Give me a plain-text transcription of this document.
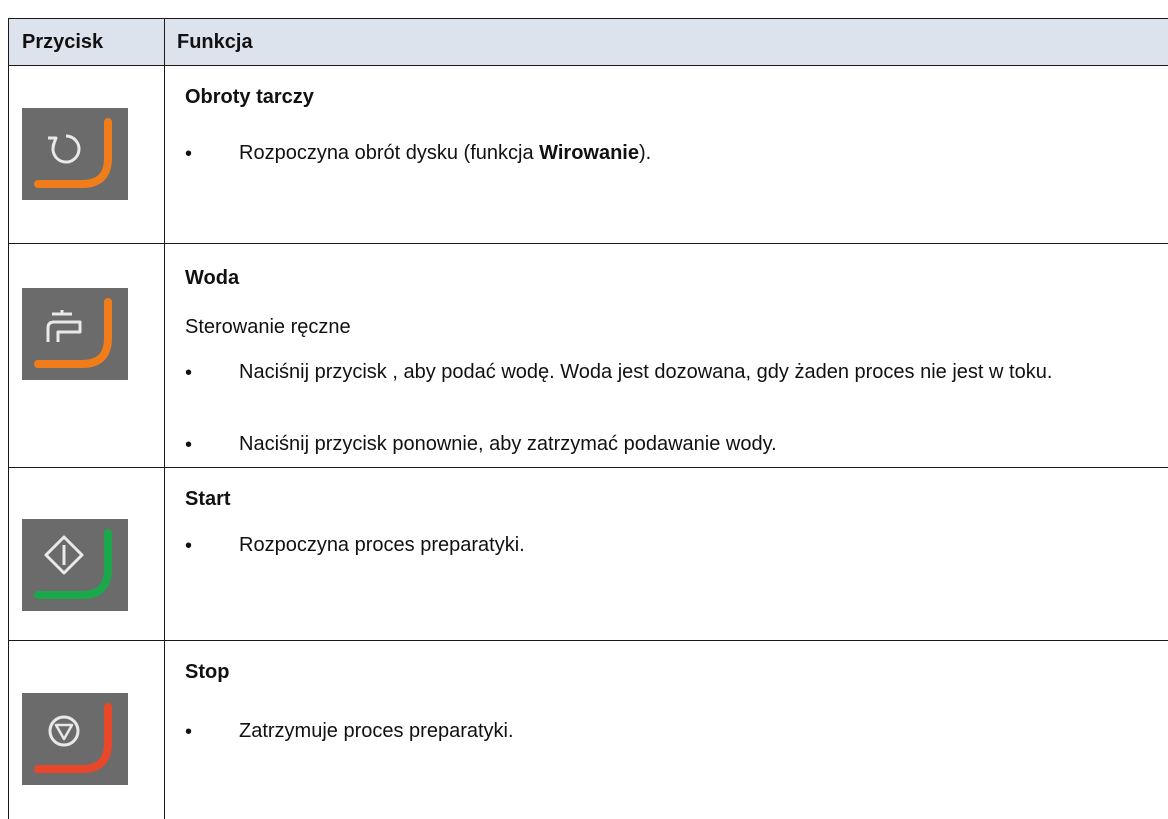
Przycisk	Funkcja
Obroty tarczy
• Rozpoczyna obrót dysku (funkcja Wirowanie).
Woda
Sterowanie ręczne
• Naciśnij przycisk , aby podać wodę. Woda jest dozowana, gdy żaden proces nie jest w toku.
• Naciśnij przycisk ponownie, aby zatrzymać podawanie wody.
Start
• Rozpoczyna proces preparatyki.
Stop
• Zatrzymuje proces preparatyki.
